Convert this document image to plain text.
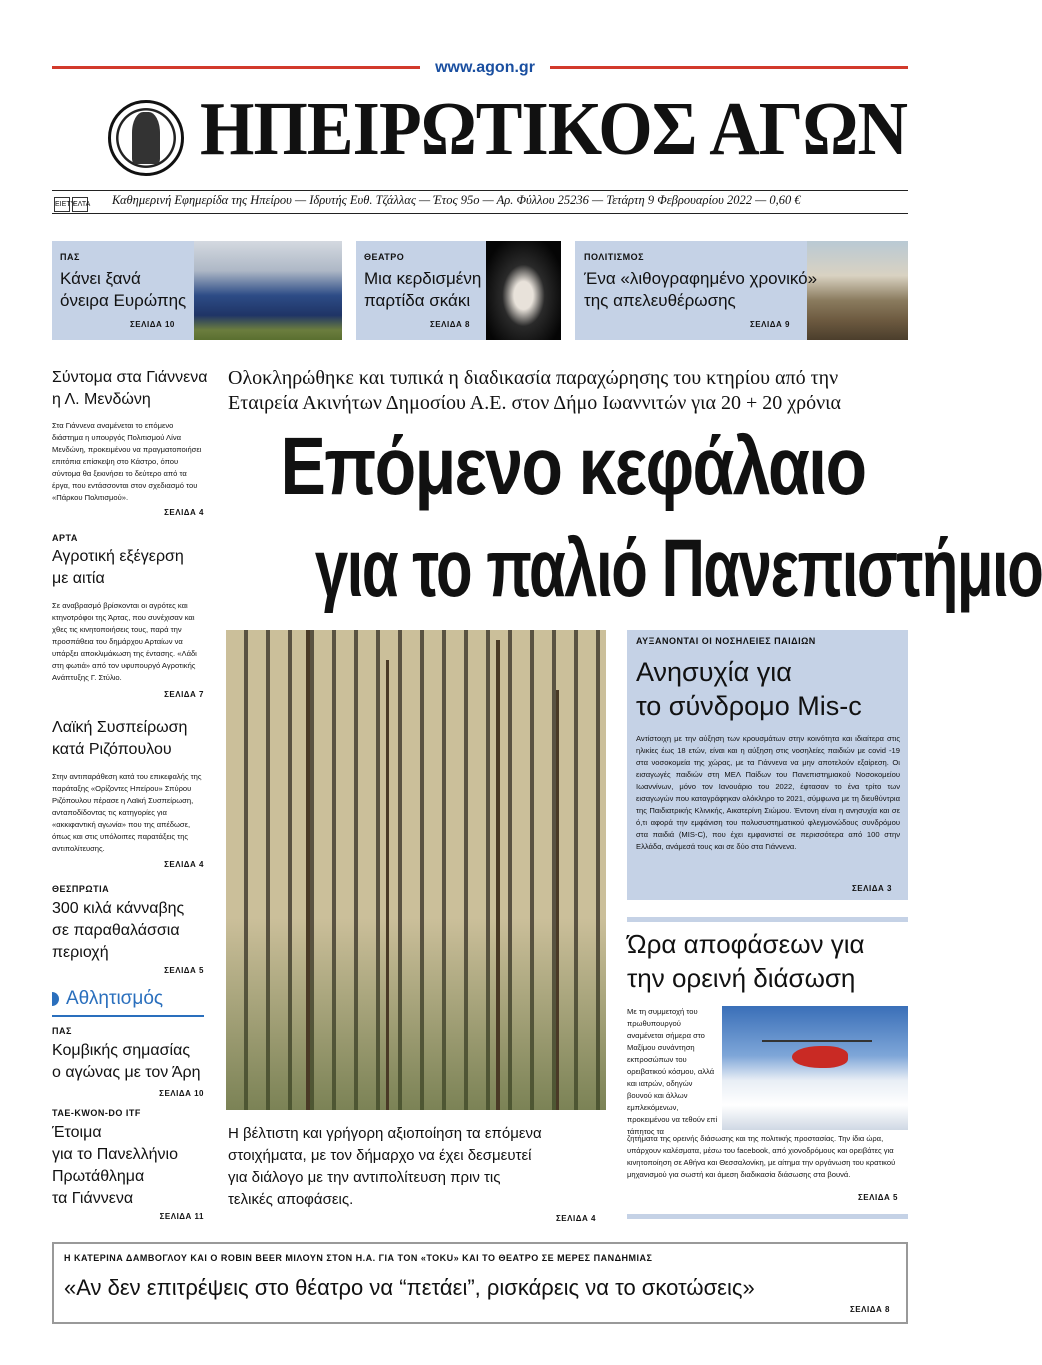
www.agon.gr
ΗΠΕΙΡΩΤΙΚΟΣ ΑΓΩΝ
ΕΙΕΤΥΕΛΤΑ	Καθημερινή Εφημερίδα της Ηπείρου — Ιδρυτής Ευθ. Τζάλλας — Έτος 95ο — Αρ. Φύλλου 25236 — Τετάρτη 9 Φεβρουαρίου 2022 — 0,60 €
ΠΑΣ
Κάνει ξανά
όνειρα Ευρώπης
ΣΕΛΙΔΑ 10
ΘΕΑΤΡΟ
Μια κερδισμένη
παρτίδα σκάκι
ΣΕΛΙΔΑ 8
ΠΟΛΙΤΙΣΜΟΣ
Ένα «λιθογραφημένο χρονικό»
της απελευθέρωσης
ΣΕΛΙΔΑ 9
Σύντομα στα Γιάννενα
η Λ. Μενδώνη
Στα Γιάννενα αναμένεται το επόμενο διάστημα η υπουργός Πολιτισμού Λίνα Μενδώνη, προκειμένου να πραγματοποιήσει επιτόπια επίσκεψη στο Κάστρο, όπου σύντομα θα ξεκινήσει το δεύτερο από τα έργα, που εντάσσονται στον σχεδιασμό του «Πάρκου Πολιτισμού».
ΣΕΛΙΔΑ 4
ΑΡΤΑ
Αγροτική εξέγερση
με αιτία
Σε αναβρασμό βρίσκονται οι αγρότες και κτηνοτρόφοι της Άρτας, που συνέχισαν και χθες τις κινητοποιήσεις τους, παρά την προσπάθεια του δημάρχου Αρταίων να υπάρξει αποκλιμάκωση της έντασης. «Λάδι στη φωτιά» από τον υφυπουργό Αγροτικής Ανάπτυξης Γ. Στύλιο.
ΣΕΛΙΔΑ 7
Λαϊκή Συσπείρωση
κατά Ριζόπουλου
Στην αντιπαράθεση κατά του επικεφαλής της παράταξης «Ορίζοντες Ηπείρου» Σπύρου Ριζόπουλου πέρασε η Λαϊκή Συσπείρωση, ανταποδίδοντας τις κατηγορίες για «ακκιφαντική αγωνία» που της απέδωσε, όπως και στις υπόλοιπες παρατάξεις της αντιπολίτευσης.
ΣΕΛΙΔΑ 4
ΘΕΣΠΡΩΤΙΑ
300 κιλά κάνναβης
σε παραθαλάσσια
περιοχή
ΣΕΛΙΔΑ 5
Αθλητισμός
ΠΑΣ
Κομβικής σημασίας
ο αγώνας με τον Άρη
ΣΕΛΙΔΑ 10
ΤΑΕ-KWON-DO ITF
Έτοιμα
για το Πανελλήνιο
Πρωτάθλημα
τα Γιάννενα
ΣΕΛΙΔΑ 11
Ολοκληρώθηκε και τυπικά η διαδικασία παραχώρησης του κτηρίου από την
Εταιρεία Ακινήτων Δημοσίου Α.Ε. στον Δήμο Ιωαννιτών για 20 + 20 χρόνια
Επόμενο κεφάλαιο
για το παλιό Πανεπιστήμιο
Η βέλτιστη και γρήγορη αξιοποίηση τα επόμενα
στοιχήματα, με τον δήμαρχο να έχει δεσμευτεί
για διάλογο με την αντιπολίτευση πριν τις
τελικές αποφάσεις.
ΣΕΛΙΔΑ 4
ΑΥΞΑΝΟΝΤΑΙ ΟΙ ΝΟΣΗΛΕΙΕΣ ΠΑΙΔΙΩΝ
Ανησυχία για
το σύνδρομο Mis-c
Αντίστοιχη με την αύξηση των κρουσμάτων στην κοινότητα και ιδιαίτερα στις ηλικίες έως 18 ετών, είναι και η αύξηση στις νοσηλείες παιδιών με covid -19 στα νοσοκομεία της χώρας, με τα Γιάννενα να μην αποτελούν εξαίρεση. Οι εισαγωγές παιδιών στη ΜΕΛ Παίδων του Πανεπιστημιακού Νοσοκομείου Ιωαννίνων, μόνο τον Ιανουάριο του 2022, έφτασαν το ένα τρίτο των εισαγωγών που καταγράφηκαν ολόκληρο το 2021, σύμφωνα με τη διευθύντρια της Παιδιατρικής Κλινικής, Αικατερίνη Σιώμου. Έντονη είναι η ανησυχία και σε ό,τι αφορά την εμφάνιση του πολυσυστηματικού φλεγμονώδους συνδρόμου στα παιδιά (MIS-C), που έχει εμφανιστεί σε περισσότερα από 100 στην Ελλάδα, ανάμεσά τους και σε δύο στα Γιάννενα.
ΣΕΛΙΔΑ 3
Ώρα αποφάσεων για
την ορεινή διάσωση
Με τη συμμετοχή του πρωθυπουργού αναμένεται σήμερα στο Μαξίμου συνάντηση εκπροσώπων του ορειβατικού κόσμου, αλλά και ιατρών, οδηγών βουνού και άλλων εμπλεκόμενων, προκειμένου να τεθούν επί τάπητος τα
ζητήματα της ορεινής διάσωσης και της πολιτικής προστασίας. Την ίδια ώρα, υπάρχουν καλέσματα, μέσω του facebook, από χιονοδρόμους και ορειβάτες για κινητοποίηση σε Αθήνα και Θεσσαλονίκη, με αίτημα την οργάνωση του κρατικού μηχανισμού για σωστή και άμεση διαδικασία διάσωσης στα βουνά.
ΣΕΛΙΔΑ 5
Η ΚΑΤΕΡΙΝΑ ΔΑΜΒΟΓΛΟΥ ΚΑΙ Ο ROBIN BEER ΜΙΛΟΥΝ ΣΤΟΝ Η.Α. ΓΙΑ ΤΟΝ «TOKU» ΚΑΙ ΤΟ ΘΕΑΤΡΟ ΣΕ ΜΕΡΕΣ ΠΑΝΔΗΜΙΑΣ
«Αν δεν επιτρέψεις στο θέατρο να “πετάει”, ρισκάρεις να το σκοτώσεις»
ΣΕΛΙΔΑ 8
